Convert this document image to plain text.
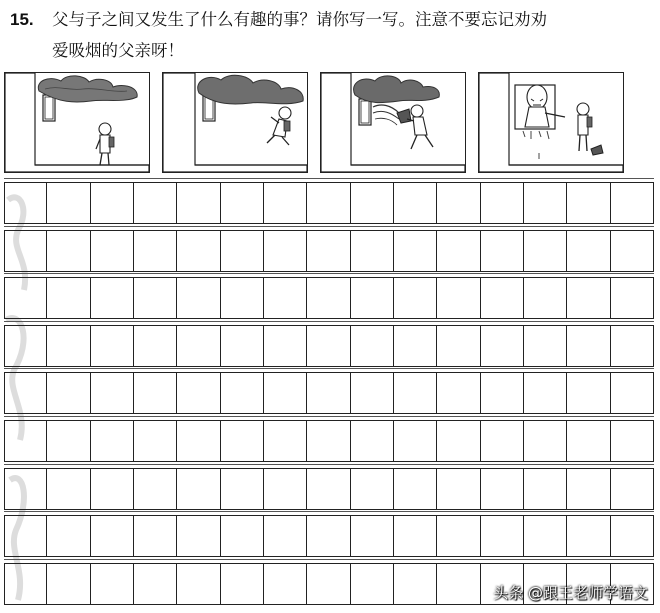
15. 父与子之间又发生了什么有趣的事？请你写一写。注意不要忘记劝劝
爱吸烟的父亲呀！
头条 @跟王老师学语文
